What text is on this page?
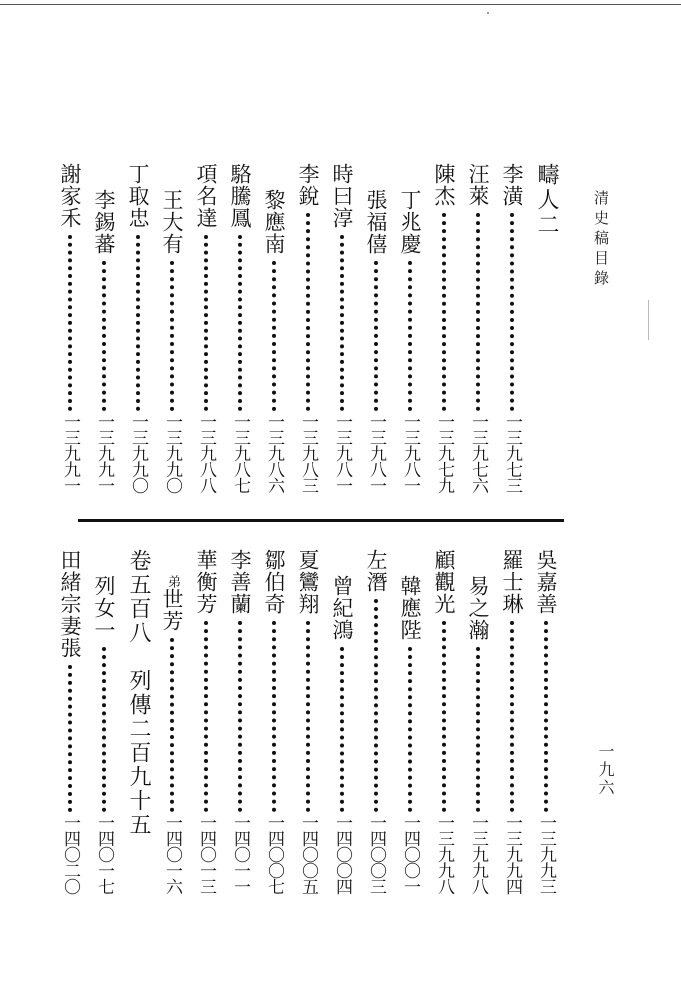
清史稿目錄
一九六
疇人二
李潢
一三九七三
汪萊
一三九七六
陳杰
一三九七九
丁兆慶
一三九八一
張福僖
一三九八一
時曰淳
一三九八一
李銳
一三九八三
黎應南
一三九八六
駱騰鳳
一三九八七
項名達
一三九八八
王大有
一三九九〇
丁取忠
一三九九〇
李錫蕃
一三九九一
謝家禾
一三九九一
吳嘉善
一三九九三
羅士琳
一三九九四
易之瀚
一三九九八
顧觀光
一三九九八
韓應陛
一四〇〇一
左潛
一四〇〇三
曾紀鴻
一四〇〇四
夏鸞翔
一四〇〇五
鄒伯奇
一四〇〇七
李善蘭
一四〇一一
華衡芳
一四〇一三
弟世芳
一四〇一六
卷五百八　列傳二百九十五
列女一
一四〇一七
田緒宗妻張
一四〇二〇
